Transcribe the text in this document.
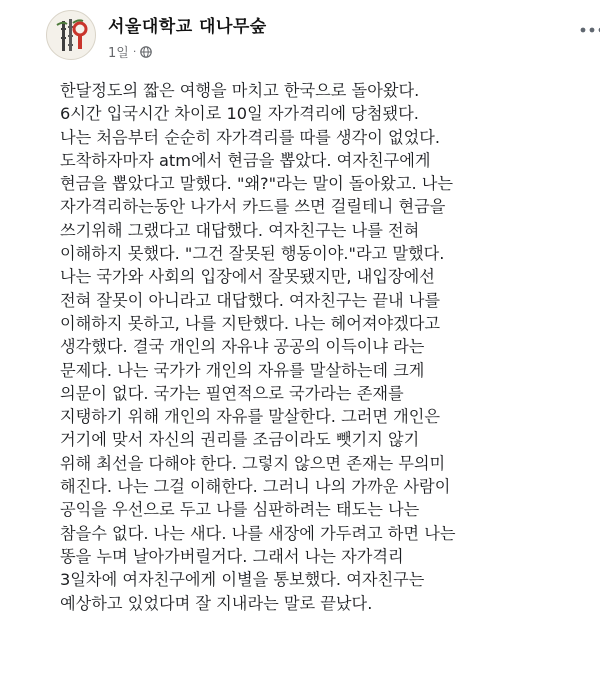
서울대학교 대나무숲
1일 ·
한달정도의 짧은 여행을 마치고 한국으로 돌아왔다.
6시간 입국시간 차이로 10일 자가격리에 당첨됐다.
나는 처음부터 순순히 자가격리를 따를 생각이 없었다.
도착하자마자 atm에서 현금을 뽑았다. 여자친구에게
현금을 뽑았다고 말했다. "왜?"라는 말이 돌아왔고. 나는
자가격리하는동안 나가서 카드를 쓰면 걸릴테니 현금을
쓰기위해 그랬다고 대답했다. 여자친구는 나를 전혀
이해하지 못했다. "그건 잘못된 행동이야."라고 말했다.
나는 국가와 사회의 입장에서 잘못됐지만, 내입장에선
전혀 잘못이 아니라고 대답했다. 여자친구는 끝내 나를
이해하지 못하고, 나를 지탄했다. 나는 헤어져야겠다고
생각했다. 결국 개인의 자유냐 공공의 이득이냐 라는
문제다. 나는 국가가 개인의 자유를 말살하는데 크게
의문이 없다. 국가는 필연적으로 국가라는 존재를
지탱하기 위해 개인의 자유를 말살한다. 그러면 개인은
거기에 맞서 자신의 권리를 조금이라도 뺏기지 않기
위해 최선을 다해야 한다. 그렇지 않으면 존재는 무의미
해진다. 나는 그걸 이해한다. 그러니 나의 가까운 사람이
공익을 우선으로 두고 나를 심판하려는 태도는 나는
참을수 없다. 나는 새다. 나를 새장에 가두려고 하면 나는
똥을 누며 날아가버릴거다. 그래서 나는 자가격리
3일차에 여자친구에게 이별을 통보했다. 여자친구는
예상하고 있었다며 잘 지내라는 말로 끝났다.
